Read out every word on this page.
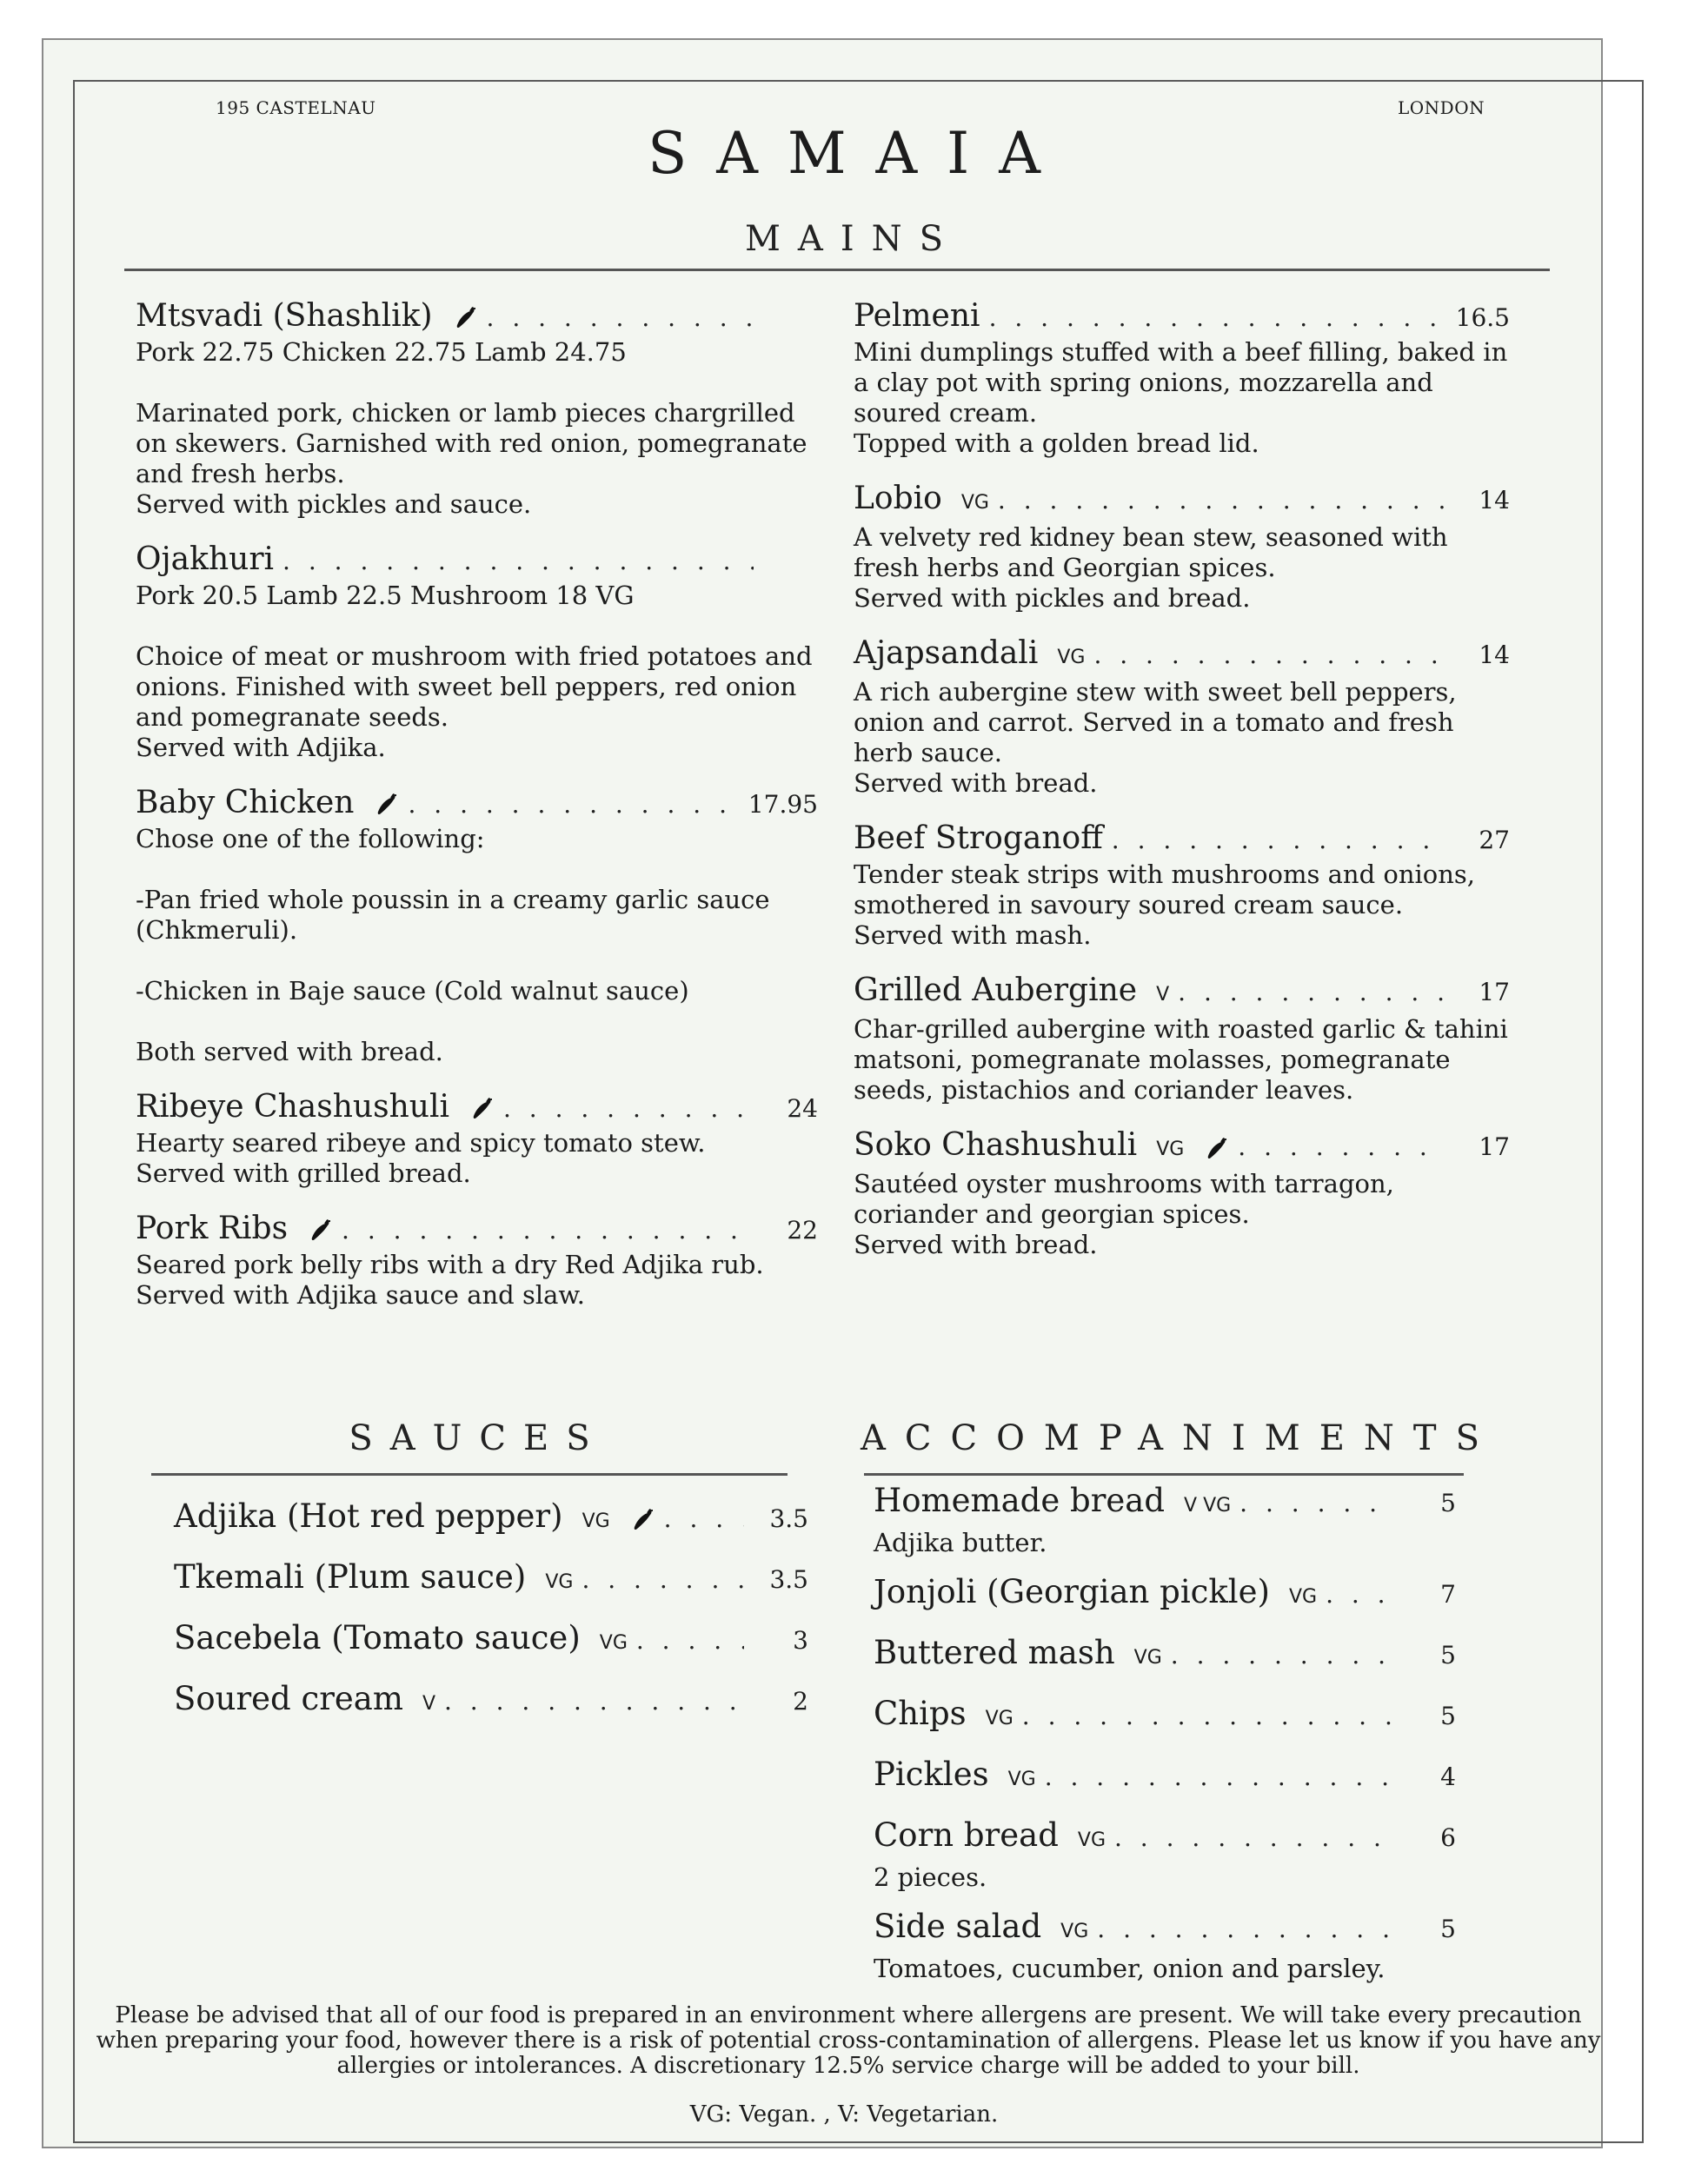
195 CASTELNAU	LONDON
SAMAIA
MAINS
Mtsvadi (Shashlik)
. . .
Pork 22.75 Chicken 22.75 Lamb 24.75

Marinated pork, chicken or lamb pieces chargrilled on skewers. Garnished with red onion, pomegranate and fresh herbs.
Served with pickles and sauce.
Ojakhuri
. . .
Pork 20.5 Lamb 22.5 Mushroom 18 VG

Choice of meat or mushroom with fried potatoes and onions. Finished with sweet bell peppers, red onion and pomegranate seeds.
Served with Adjika.
Baby Chicken . . .	17.95
Chose one of the following:

-Pan fried whole poussin in a creamy garlic sauce (Chkmeruli).

-Chicken in Baje sauce (Cold walnut sauce)

Both served with bread.
Ribeye Chashushuli . . .	24
Hearty seared ribeye and spicy tomato stew.
Served with grilled bread.
Pork Ribs . . .	22
Seared pork belly ribs with a dry Red Adjika rub.
Served with Adjika sauce and slaw.
Pelmeni . . .	16.5
Mini dumplings stuffed with a beef filling, baked in a clay pot with spring onions, mozzarella and soured cream.
Topped with a golden bread lid.
Lobio VG . . .	14
A velvety red kidney bean stew, seasoned with fresh herbs and Georgian spices.
Served with pickles and bread.
Ajapsandali VG . . .	14
A rich aubergine stew with sweet bell peppers, onion and carrot. Served in a tomato and fresh herb sauce.
Served with bread.
Beef Stroganoff . . .	27
Tender steak strips with mushrooms and onions, smothered in savoury soured cream sauce.
Served with mash.
Grilled Aubergine V . . .	17
Char-grilled aubergine with roasted garlic & tahini matsoni, pomegranate molasses, pomegranate seeds, pistachios and coriander leaves.
Soko Chashushuli VG . . .	17
Sautéed oyster mushrooms with tarragon, coriander and georgian spices.
Served with bread.
SAUCES	ACCOMPANIMENTS
Adjika (Hot red pepper) VG . . .	3.5
Tkemali (Plum sauce) VG . . .	3.5
Sacebela (Tomato sauce) VG . . .	3
Soured cream V . . .	2
Homemade bread V VG . . .	5
Adjika butter.
Jonjoli (Georgian pickle) VG . . .	7
Buttered mash VG . . .	5
Chips VG . . .	5
Pickles VG . . .	4
Corn bread VG . . .	6
2 pieces.
Side salad VG . . .	5
Tomatoes, cucumber, onion and parsley.
Please be advised that all of our food is prepared in an environment where allergens are present. We will take every precaution when preparing your food, however there is a risk of potential cross-contamination of allergens. Please let us know if you have any allergies or intolerances. A discretionary 12.5% service charge will be added to your bill.
VG: Vegan. , V: Vegetarian.
